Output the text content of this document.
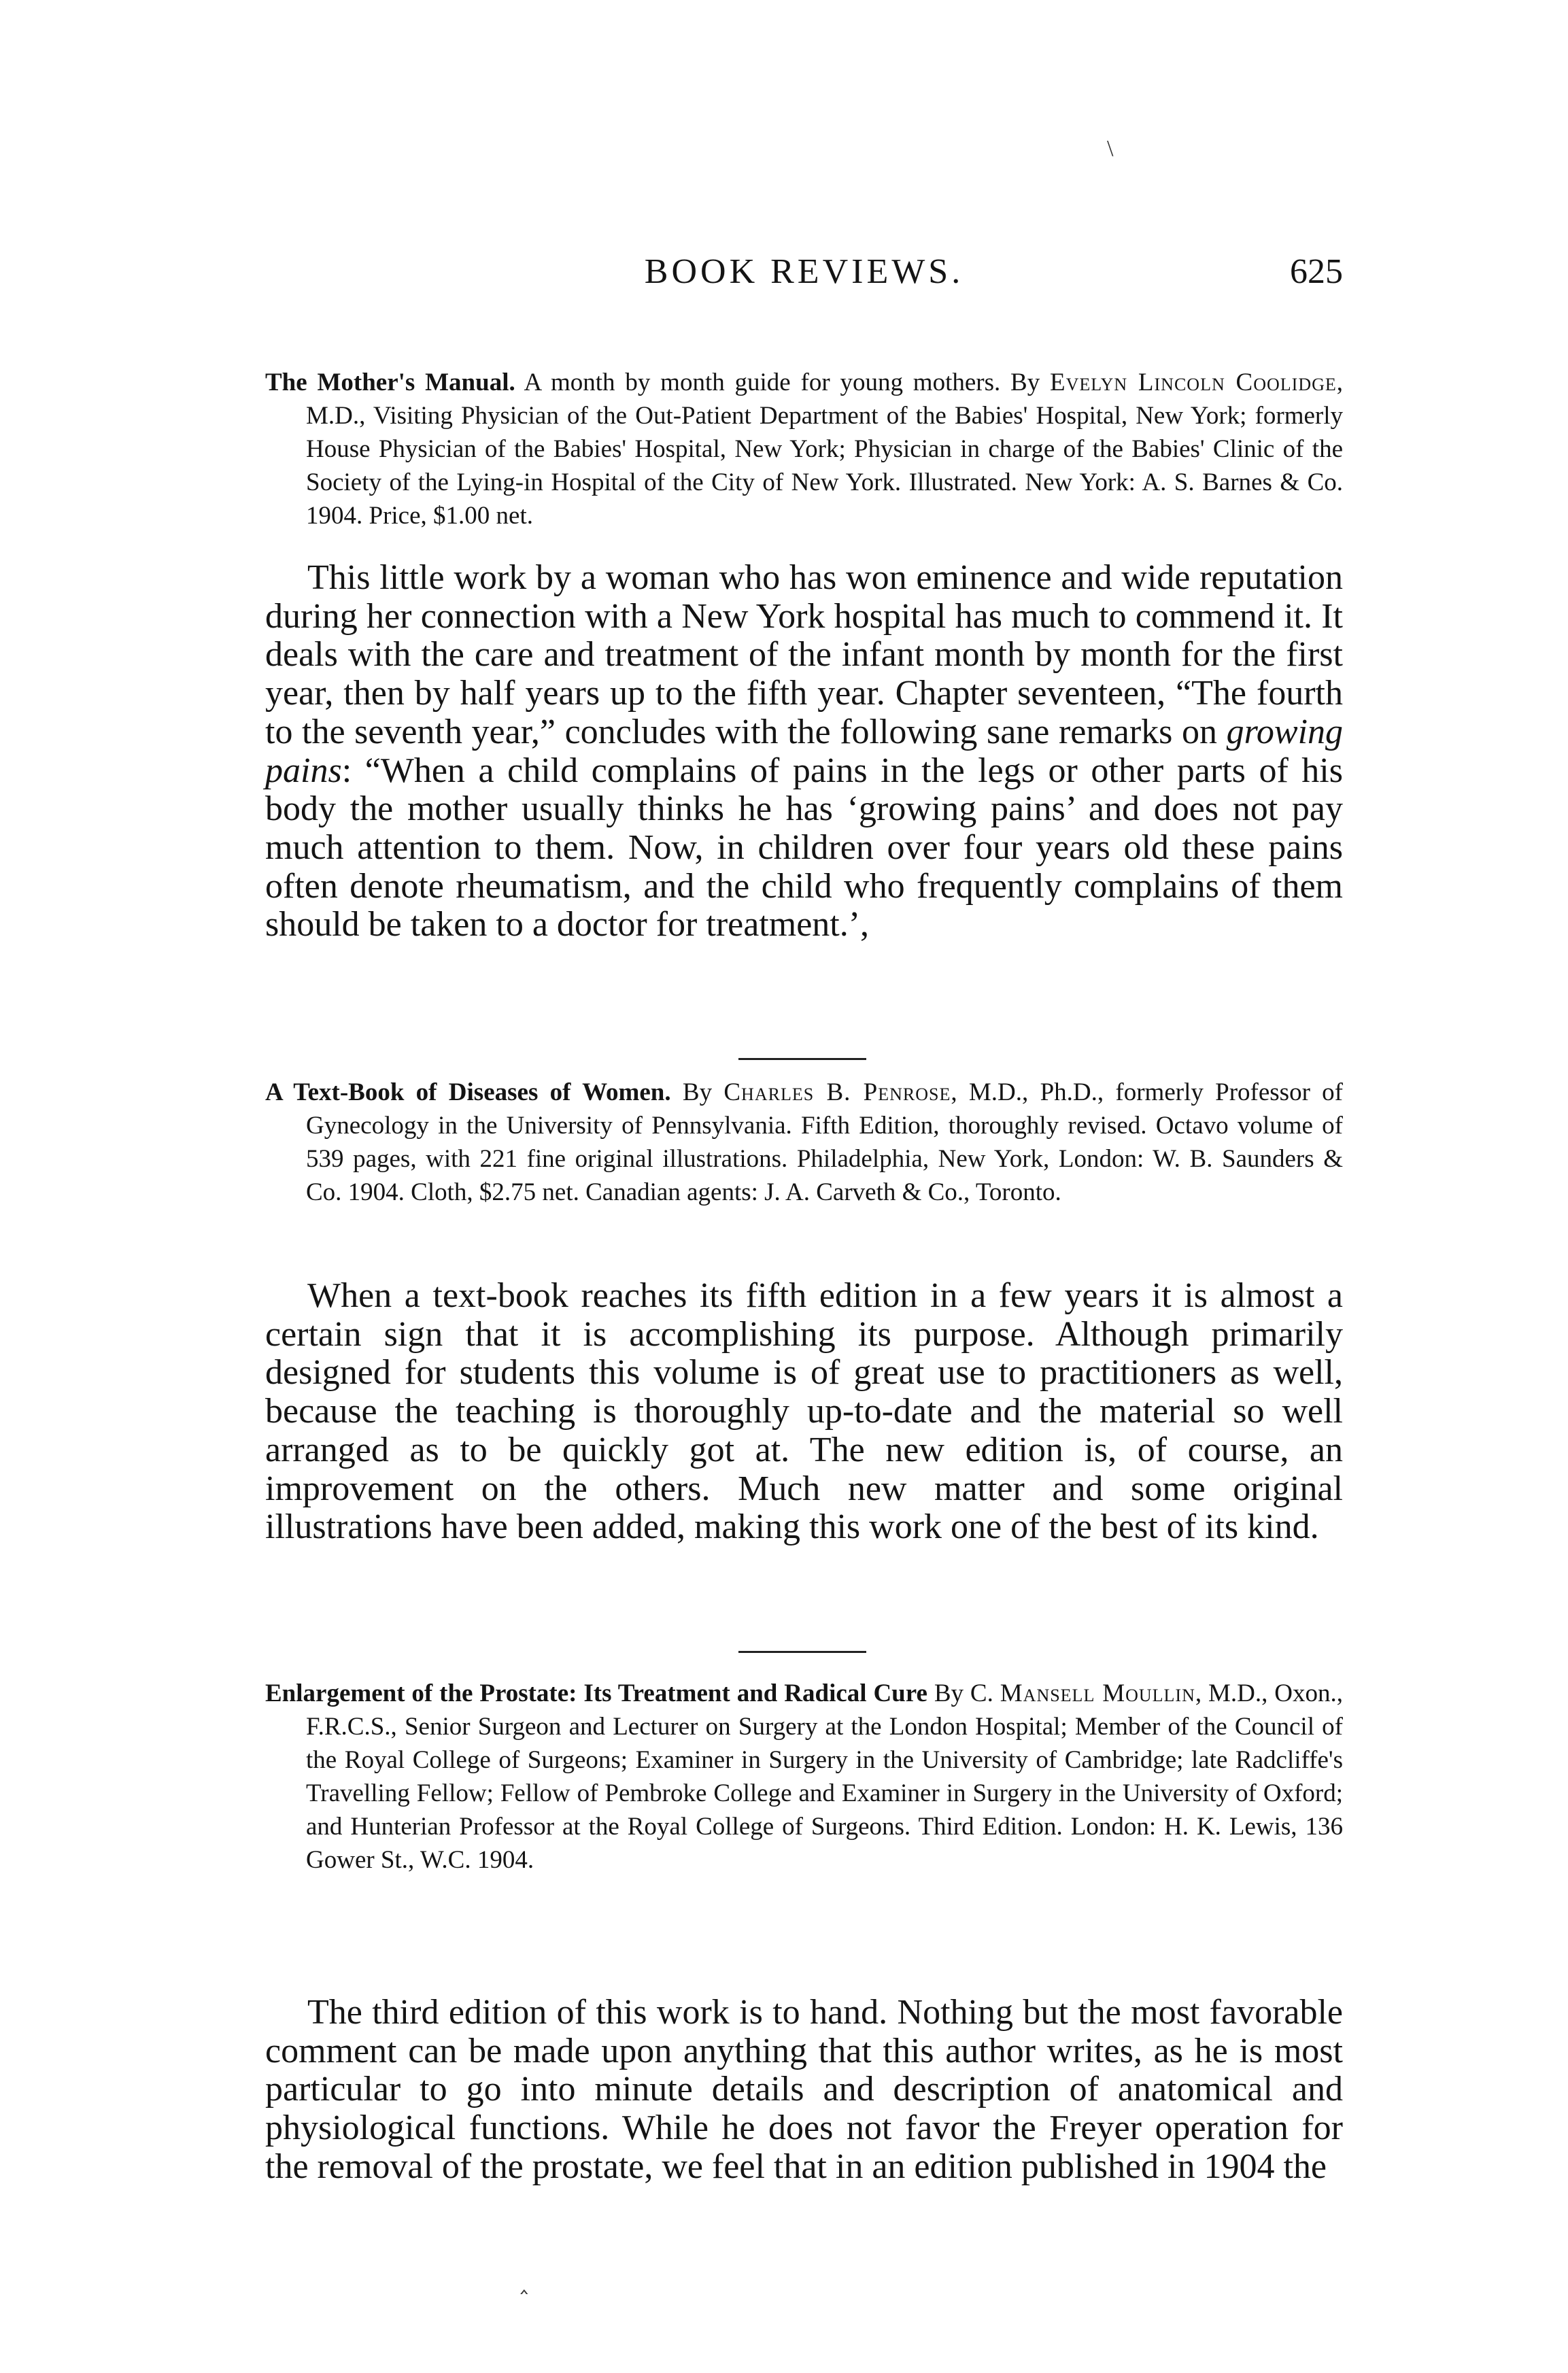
\
BOOK REVIEWS.	625
The Mother's Manual. A month by month guide for young mothers. By Evelyn Lincoln Coolidge, M.D., Visiting Physician of the Out-Patient Department of the Babies' Hospital, New York; formerly House Physician of the Babies' Hospital, New York; Physician in charge of the Babies' Clinic of the Society of the Lying-in Hospital of the City of New York. Illustrated. New York: A. S. Barnes & Co. 1904. Price, $1.00 net.
This little work by a woman who has won eminence and wide reputation during her connection with a New York hospital has much to commend it. It deals with the care and treatment of the infant month by month for the first year, then by half years up to the fifth year. Chapter seventeen, “The fourth to the seventh year,” concludes with the following sane remarks on growing pains: “When a child complains of pains in the legs or other parts of his body the mother usually thinks he has ‘growing pains’ and does not pay much attention to them. Now, in children over four years old these pains often denote rheumatism, and the child who frequently complains of them should be taken to a doctor for treatment.’,
A Text-Book of Diseases of Women. By Charles B. Penrose, M.D., Ph.D., formerly Professor of Gynecology in the University of Pennsylvania. Fifth Edition, thoroughly revised. Octavo volume of 539 pages, with 221 fine original illustrations. Philadelphia, New York, London: W. B. Saunders & Co. 1904. Cloth, $2.75 net. Canadian agents: J. A. Carveth & Co., Toronto.
When a text-book reaches its fifth edition in a few years it is almost a certain sign that it is accomplishing its purpose. Although primarily designed for students this volume is of great use to practitioners as well, because the teaching is thoroughly up-to-date and the material so well arranged as to be quickly got at. The new edition is, of course, an improvement on the others. Much new matter and some original illustrations have been added, making this work one of the best of its kind.
Enlargement of the Prostate: Its Treatment and Radical Cure By C. Mansell Moullin, M.D., Oxon., F.R.C.S., Senior Surgeon and Lecturer on Surgery at the London Hospital; Member of the Council of the Royal College of Surgeons; Examiner in Surgery in the University of Cambridge; late Radcliffe's Travelling Fellow; Fellow of Pembroke College and Examiner in Surgery in the University of Oxford; and Hunterian Professor at the Royal College of Surgeons. Third Edition. London: H. K. Lewis, 136 Gower St., W.C. 1904.
The third edition of this work is to hand. Nothing but the most favorable comment can be made upon anything that this author writes, as he is most particular to go into minute details and description of anatomical and physiological functions. While he does not favor the Freyer operation for the removal of the prostate, we feel that in an edition published in 1904 the
‸
